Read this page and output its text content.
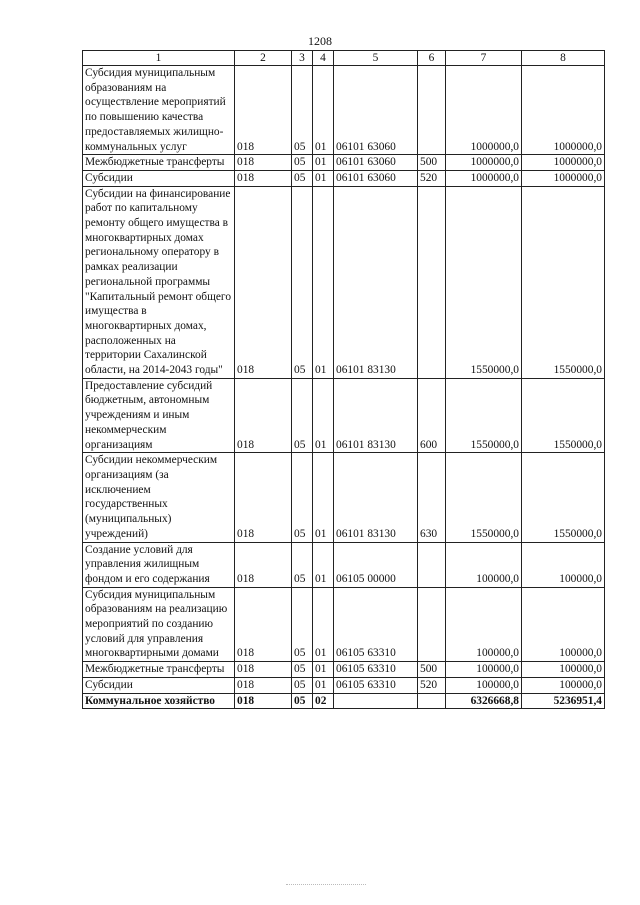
1208
1	2	3	4	5	6	7	8
Субсидия муниципальным образованиям на осуществление мероприятий по повышению качества предоставляемых жилищно-коммунальных услуг	018	05	01	06101 63060		1000000,0	1000000,0
Межбюджетные трансферты	018	05	01	06101 63060	500	1000000,0	1000000,0
Субсидии	018	05	01	06101 63060	520	1000000,0	1000000,0
Субсидии на финансирование работ по капитальному ремонту общего имущества в многоквартирных домах региональному оператору в рамках реализации региональной программы "Капитальный ремонт общего имущества в многоквартирных домах, расположенных на территории Сахалинской области, на 2014-2043 годы"	018	05	01	06101 83130		1550000,0	1550000,0
Предоставление субсидий бюджетным, автономным учреждениям и иным некоммерческим организациям	018	05	01	06101 83130	600	1550000,0	1550000,0
Субсидии некоммерческим организациям (за исключением государственных (муниципальных) учреждений)	018	05	01	06101 83130	630	1550000,0	1550000,0
Создание условий для управления жилищным фондом и его содержания	018	05	01	06105 00000		100000,0	100000,0
Субсидия муниципальным образованиям на реализацию мероприятий по созданию условий для управления многоквартирными домами	018	05	01	06105 63310		100000,0	100000,0
Межбюджетные трансферты	018	05	01	06105 63310	500	100000,0	100000,0
Субсидии	018	05	01	06105 63310	520	100000,0	100000,0
Коммунальное хозяйство	018	05	02			6326668,8	5236951,4
